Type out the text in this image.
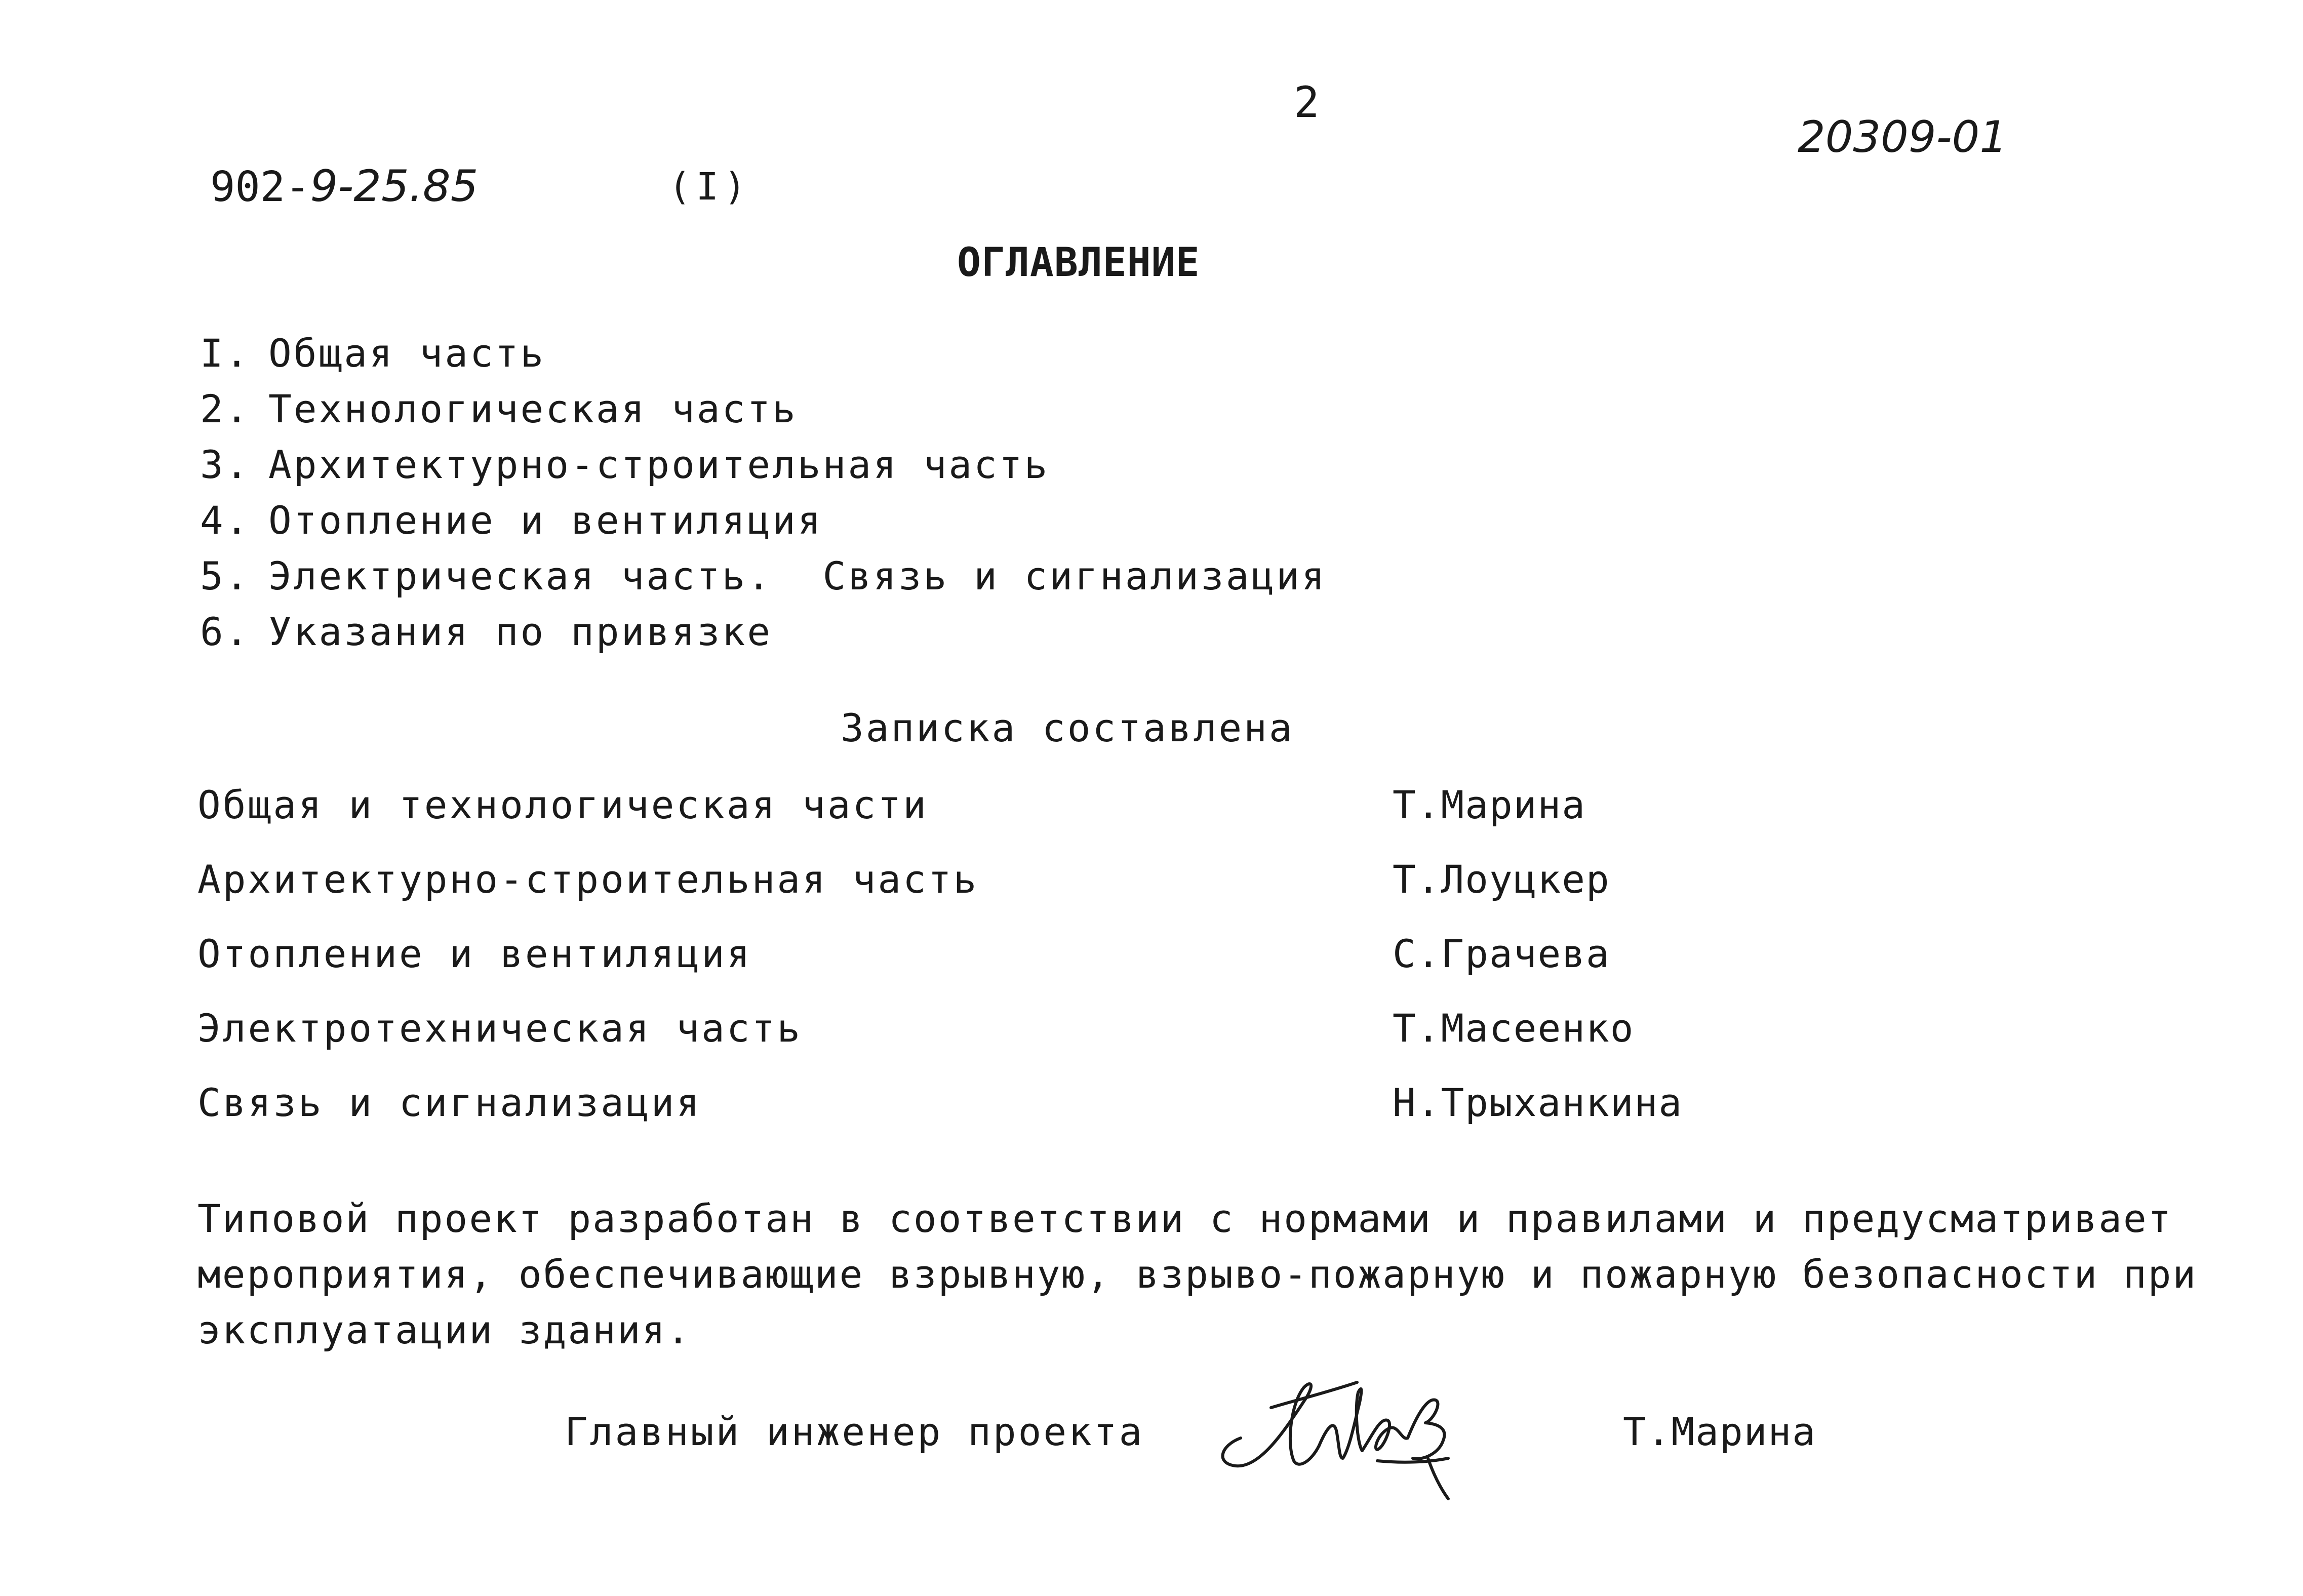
2
902-9-25.85	(I)
20309-01
ОГЛАВЛЕНИЕ
I. Общая часть
2. Технологическая часть
3. Архитектурно-строительная часть
4. Отопление и вентиляция
5. Электрическая часть.  Связь и сигнализация
6. Указания по привязке
Записка составлена
Общая и технологическая части	Т.Марина
Архитектурно-строительная часть	Т.Лоуцкер
Отопление и вентиляция	С.Грачева
Электротехническая часть	Т.Масеенко
Связь и сигнализация	Н.Трыханкина
Типовой проект разработан в соответствии с нормами и правилами и предусматривает
мероприятия, обеспечивающие взрывную, взрыво-пожарную и пожарную безопасности при
эксплуатации здания.
Главный инженер проекта	Т.Марина
